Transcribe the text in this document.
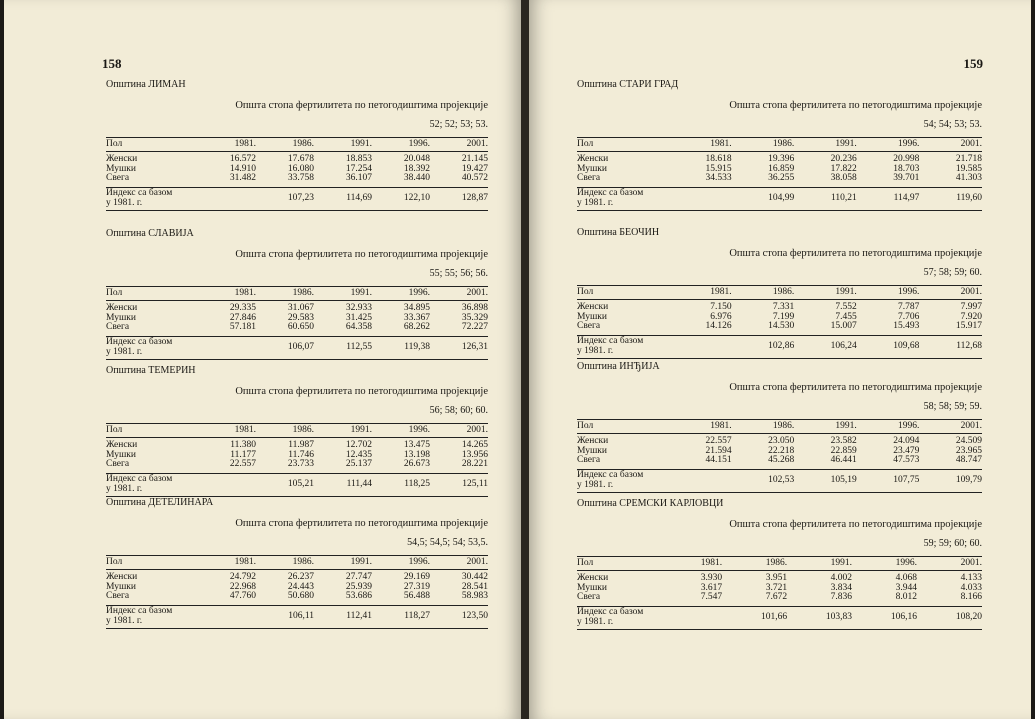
158
Општина ЛИМАН
Општа стопа фертилитета по петогодиштима пројекције
52; 52; 53; 53.
Пол	1981.	1986.	1991.	1996.	2001.
Женски	16.572	17.678	18.853	20.048	21.145
Мушки	14.910	16.080	17.254	18.392	19.427
Свега	31.482	33.758	36.107	38.440	40.572

Индекс са базом
у 1981. г.		107,23	114,69	122,10	128,87
Општина СЛАВИЈА
Општа стопа фертилитета по петогодиштима пројекције
55; 55; 56; 56.
Пол	1981.	1986.	1991.	1996.	2001.
Женски	29.335	31.067	32.933	34.895	36.898
Мушки	27.846	29.583	31.425	33.367	35.329
Свега	57.181	60.650	64.358	68.262	72.227

Индекс са базом
у 1981. г.		106,07	112,55	119,38	126,31
Општина ТЕМЕРИН
Општа стопа фертилитета по петогодиштима пројекције
56; 58; 60; 60.
Пол	1981.	1986.	1991.	1996.	2001.
Женски	11.380	11.987	12.702	13.475	14.265
Мушки	11.177	11.746	12.435	13.198	13.956
Свега	22.557	23.733	25.137	26.673	28.221

Индекс са базом
у 1981. г.		105,21	111,44	118,25	125,11
Општина ДЕТЕЛИНАРА
Општа стопа фертилитета по петогодиштима пројекције
54,5; 54,5; 54; 53,5.
Пол	1981.	1986.	1991.	1996.	2001.
Женски	24.792	26.237	27.747	29.169	30.442
Мушки	22.968	24.443	25.939	27.319	28.541
Свега	47.760	50.680	53.686	56.488	58.983

Индекс са базом
у 1981. г.		106,11	112,41	118,27	123,50
159
Општина СТАРИ ГРАД
Општа стопа фертилитета по петогодиштима пројекције
54; 54; 53; 53.
Пол	1981.	1986.	1991.	1996.	2001.
Женски	18.618	19.396	20.236	20.998	21.718
Мушки	15.915	16.859	17.822	18.703	19.585
Свега	34.533	36.255	38.058	39.701	41.303

Индекс са базом
у 1981. г.		104,99	110,21	114,97	119,60
Општина БЕОЧИН
Општа стопа фертилитета по петогодиштима пројекције
57; 58; 59; 60.
Пол	1981.	1986.	1991.	1996.	2001.
Женски	7.150	7.331	7.552	7.787	7.997
Мушки	6.976	7.199	7.455	7.706	7.920
Свега	14.126	14.530	15.007	15.493	15.917

Индекс са базом
у 1981. г.		102,86	106,24	109,68	112,68
Општина ИНЂИЈА
Општа стопа фертилитета по петогодиштима пројекције
58; 58; 59; 59.
Пол	1981.	1986.	1991.	1996.	2001.
Женски	22.557	23.050	23.582	24.094	24.509
Мушки	21.594	22.218	22.859	23.479	23.965
Свега	44.151	45.268	46.441	47.573	48.747

Индекс са базом
у 1981. г.		102,53	105,19	107,75	109,79
Општина СРЕМСКИ КАРЛОВЦИ
Општа стопа фертилитета по петогодиштима пројекције
59; 59; 60; 60.
Пол	1981.	1986.	1991.	1996.	2001.
Женски	3.930	3.951	4.002	4.068	4.133
Мушки	3.617	3.721	3.834	3.944	4.033
Свега	7.547	7.672	7.836	8.012	8.166

Индекс са базом
у 1981. г.		101,66	103,83	106,16	108,20
